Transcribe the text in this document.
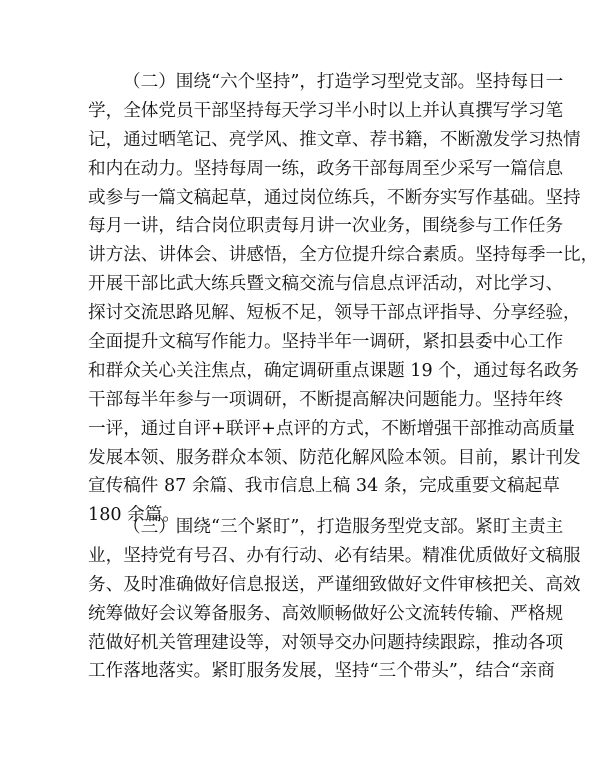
（二）围绕“六个坚持”，打造学习型党支部。坚持每日一
学，全体党员干部坚持每天学习半小时以上并认真撰写学习笔
记，通过晒笔记、亮学风、推文章、荐书籍，不断激发学习热情
和内在动力。坚持每周一练，政务干部每周至少采写一篇信息
或参与一篇文稿起草，通过岗位练兵，不断夯实写作基础。坚持
每月一讲，结合岗位职责每月讲一次业务，围绕参与工作任务
讲方法、讲体会、讲感悟，全方位提升综合素质。坚持每季一比，
开展干部比武大练兵暨文稿交流与信息点评活动，对比学习、
探讨交流思路见解、短板不足，领导干部点评指导、分享经验，
全面提升文稿写作能力。坚持半年一调研，紧扣县委中心工作
和群众关心关注焦点，确定调研重点课题 19 个，通过每名政务
干部每半年参与一项调研，不断提高解决问题能力。坚持年终
一评，通过自评+联评+点评的方式，不断增强干部推动高质量
发展本领、服务群众本领、防范化解风险本领。目前，累计刊发
宣传稿件 87 余篇、我市信息上稿 34 条，完成重要文稿起草
180 余篇。
（三）围绕“三个紧盯”，打造服务型党支部。紧盯主责主
业，坚持党有号召、办有行动、必有结果。精准优质做好文稿服
务、及时准确做好信息报送，严谨细致做好文件审核把关、高效
统筹做好会议筹备服务、高效顺畅做好公文流转传输、严格规
范做好机关管理建设等，对领导交办问题持续跟踪，推动各项
工作落地落实。紧盯服务发展，坚持“三个带头”，结合“亲商
